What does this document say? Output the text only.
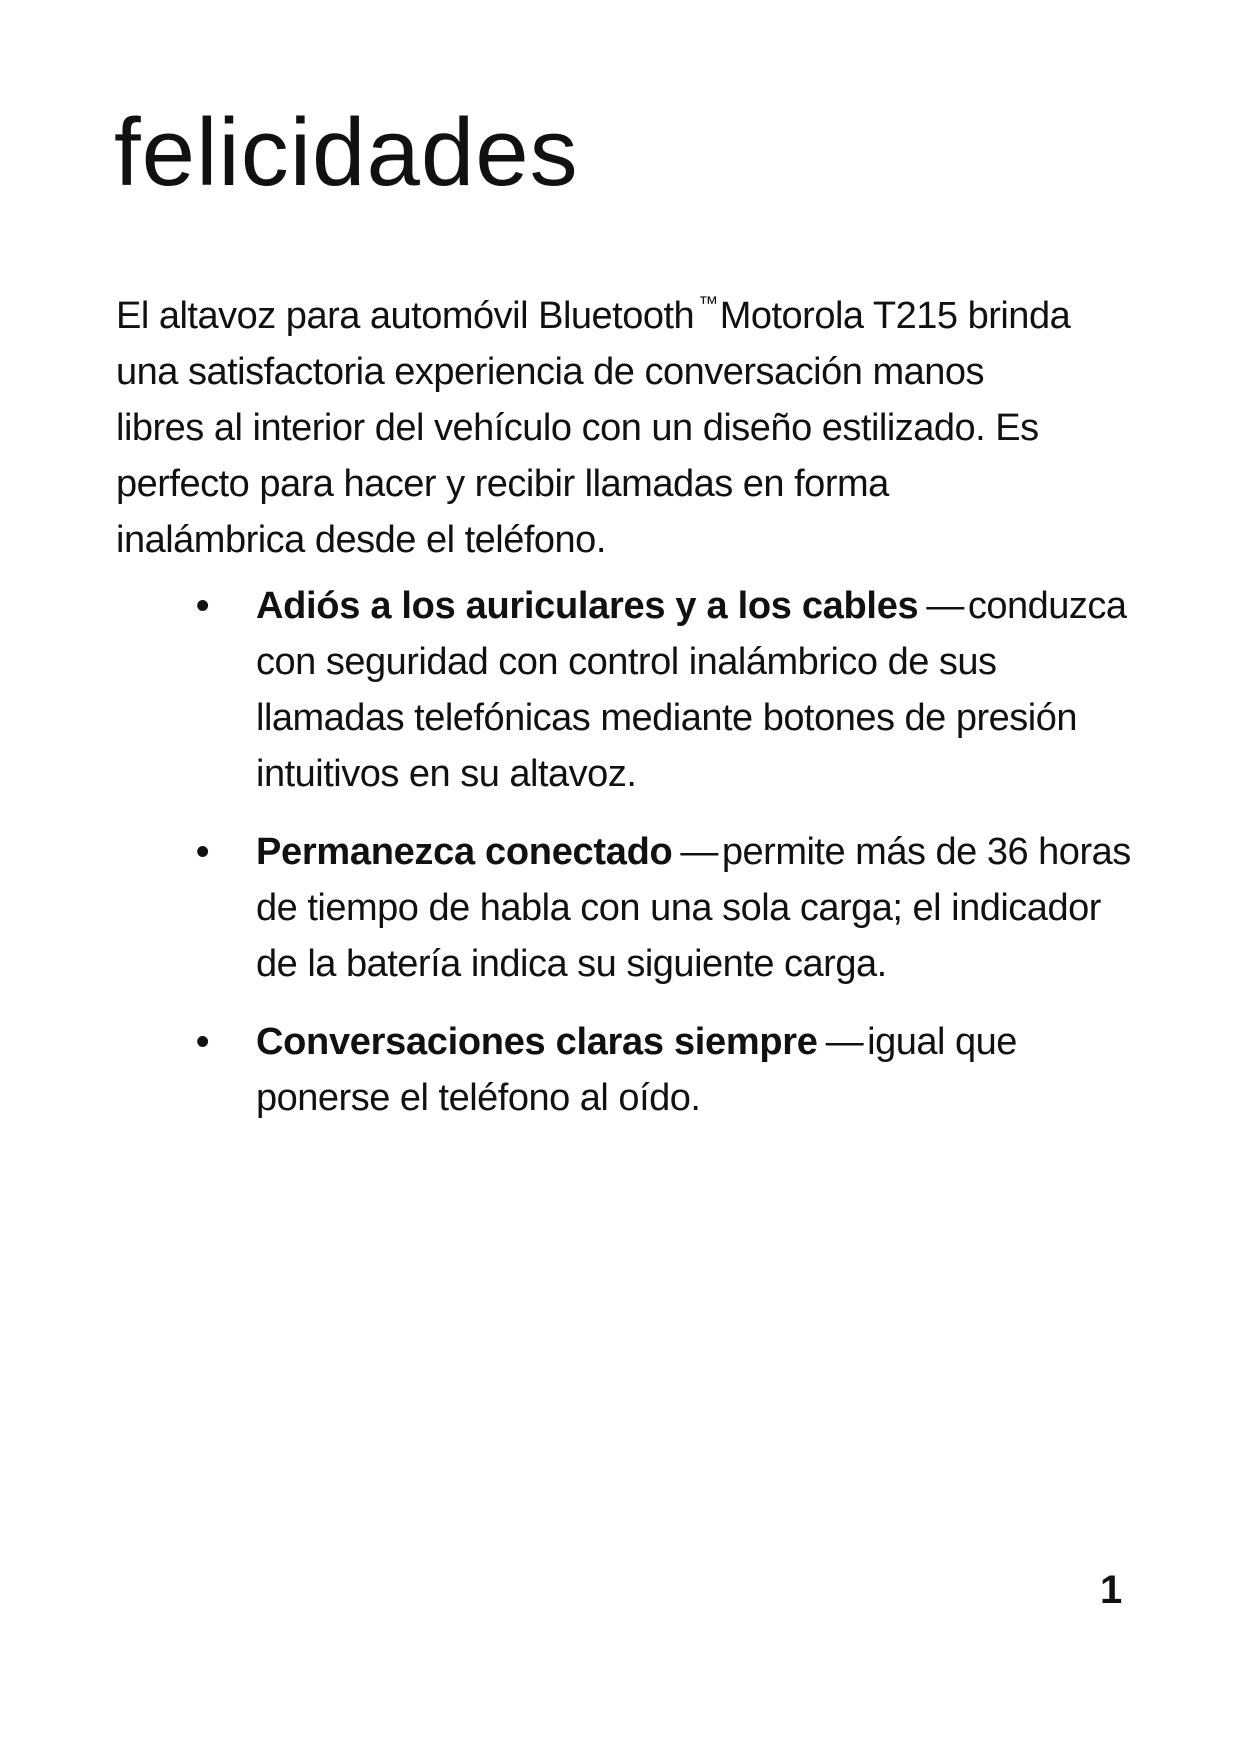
felicidades

El altavoz para automóvil Bluetooth ™Motorola T215 brinda una satisfactoria experiencia de conversación manos libres al interior del vehículo con un diseño estilizado. Es perfecto para hacer y recibir llamadas en forma inalámbrica desde el teléfono.

• Adiós a los auriculares y a los cables — conduzca con seguridad con control inalámbrico de sus llamadas telefónicas mediante botones de presión intuitivos en su altavoz.
• Permanezca conectado — permite más de 36 horas de tiempo de habla con una sola carga; el indicador de la batería indica su siguiente carga.
• Conversaciones claras siempre — igual que ponerse el teléfono al oído.
1
